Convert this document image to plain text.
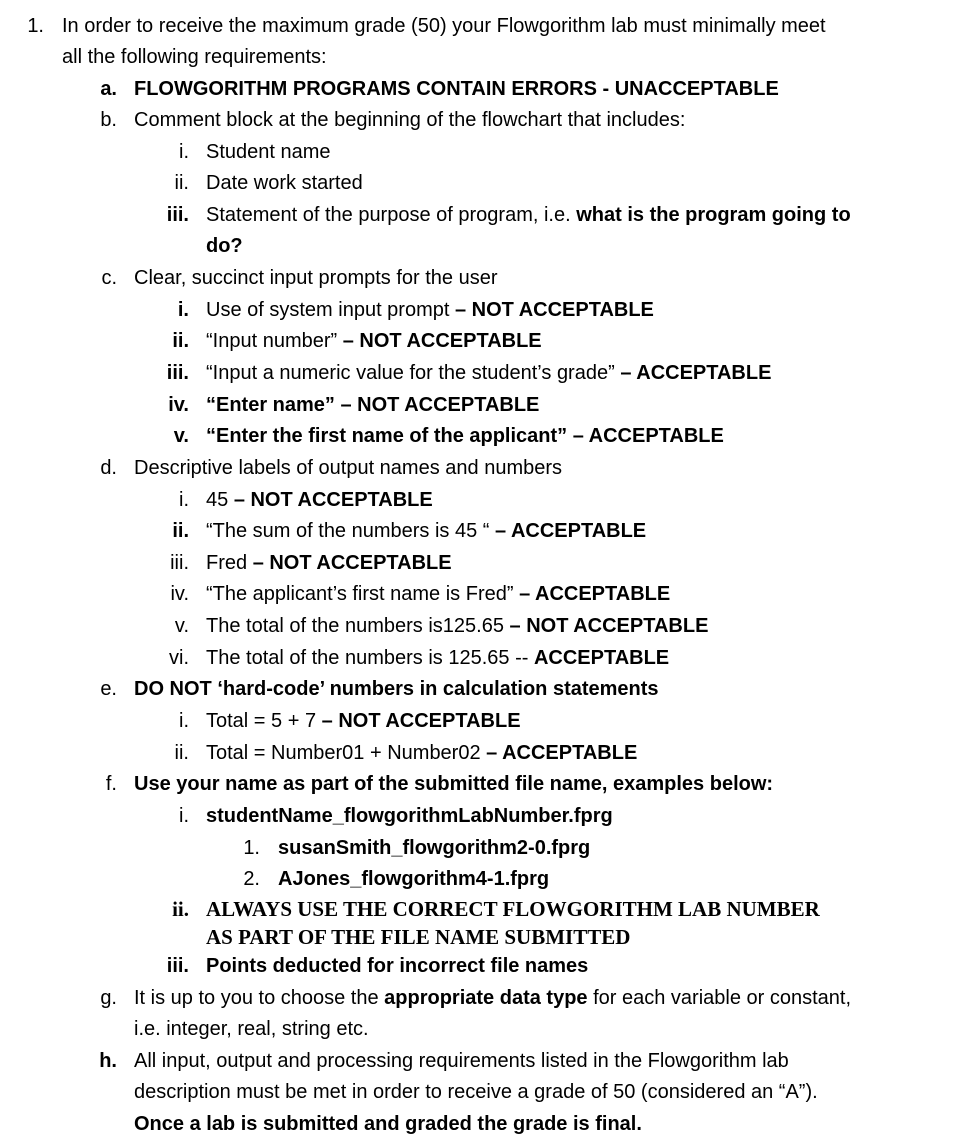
1. In order to receive the maximum grade (50) your Flowgorithm lab must minimally meet
all the following requirements:
a. FLOWGORITHM PROGRAMS CONTAIN ERRORS - UNACCEPTABLE
b. Comment block at the beginning of the flowchart that includes:
i. Student name
ii. Date work started
iii. Statement of the purpose of program, i.e. what is the program going to
do?
c. Clear, succinct input prompts for the user
i. Use of system input prompt – NOT ACCEPTABLE
ii. “Input number” – NOT ACCEPTABLE
iii. “Input a numeric value for the student’s grade” – ACCEPTABLE
iv. “Enter name” – NOT ACCEPTABLE
v. “Enter the first name of the applicant” – ACCEPTABLE
d. Descriptive labels of output names and numbers
i. 45 – NOT ACCEPTABLE
ii. “The sum of the numbers is 45 “ – ACCEPTABLE
iii. Fred – NOT ACCEPTABLE
iv. “The applicant’s first name is Fred” – ACCEPTABLE
v. The total of the numbers is125.65 – NOT ACCEPTABLE
vi. The total of the numbers is 125.65 -- ACCEPTABLE
e. DO NOT ‘hard-code’ numbers in calculation statements
i. Total = 5 + 7 – NOT ACCEPTABLE
ii. Total = Number01 + Number02 – ACCEPTABLE
f. Use your name as part of the submitted file name, examples below:
i. studentName_flowgorithmLabNumber.fprg
1. susanSmith_flowgorithm2-0.fprg
2. AJones_flowgorithm4-1.fprg
ii. ALWAYS USE THE CORRECT FLOWGORITHM LAB NUMBER
AS PART OF THE FILE NAME SUBMITTED
iii. Points deducted for incorrect file names
g. It is up to you to choose the appropriate data type for each variable or constant,
i.e. integer, real, string etc.
h. All input, output and processing requirements listed in the Flowgorithm lab
description must be met in order to receive a grade of 50 (considered an “A”).
Once a lab is submitted and graded the grade is final.
